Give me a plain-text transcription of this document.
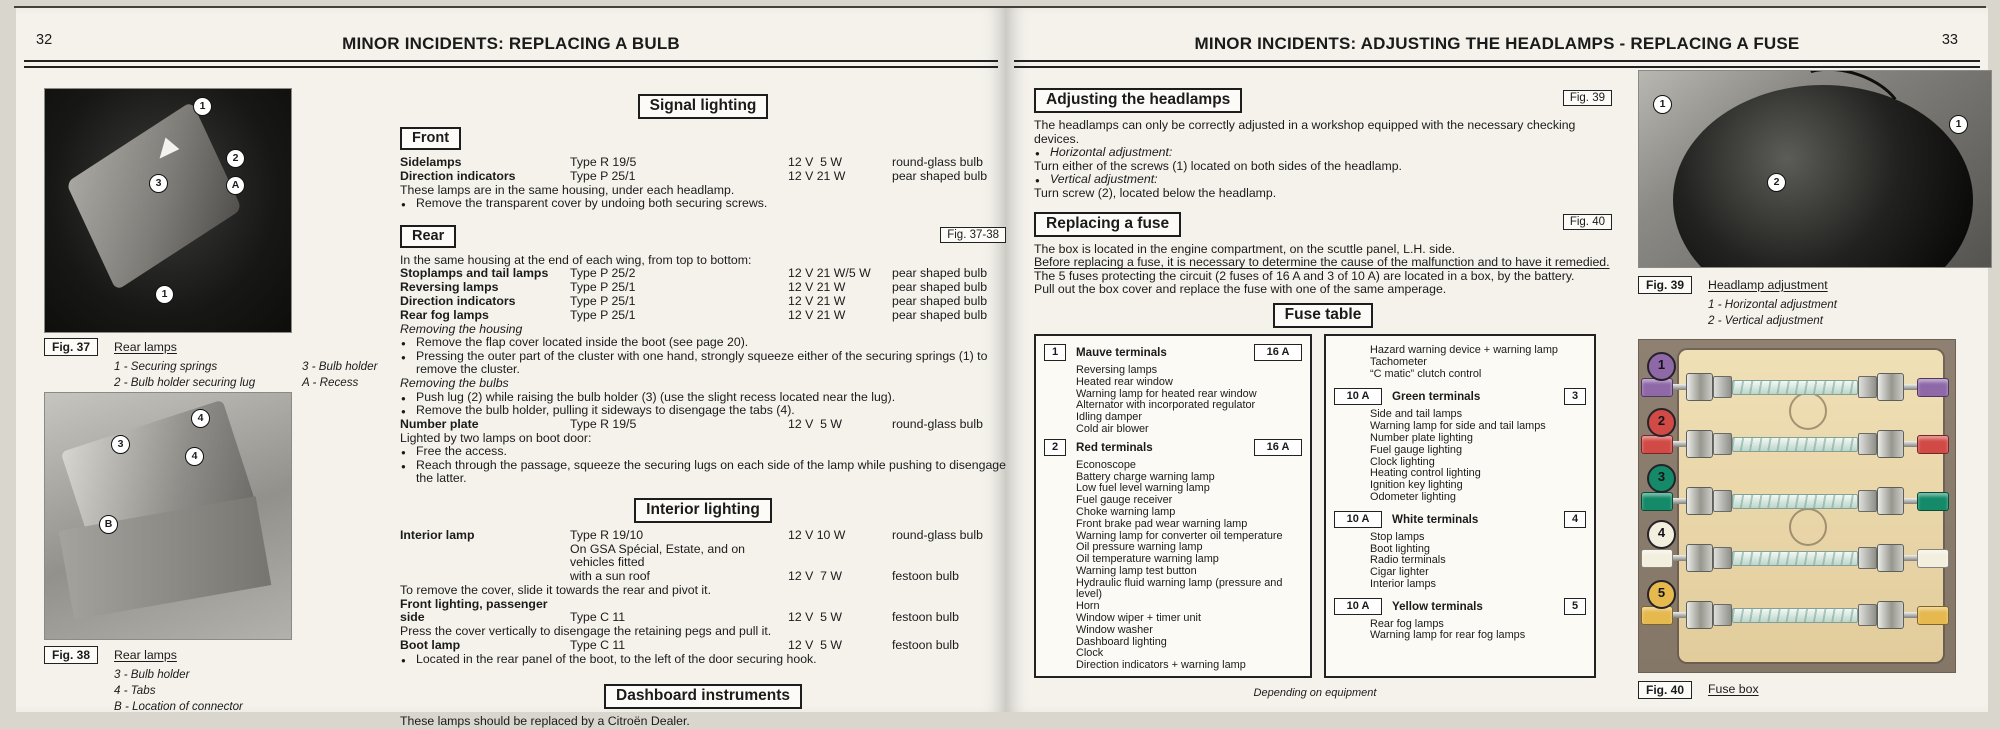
32	MINOR INCIDENTS: REPLACING A BULB
1
2
A
3
1
Fig. 37	Rear lamps
1 - Securing springs	3 - Bulb holder
2 - Bulb holder securing lug	A - Recess
4
3
4
B
Fig. 38	Rear lamps
3 - Bulb holder
4 - Tabs
B - Location of connector
Signal lighting
Front
Sidelamps	Type R 19/5	12 V  5 W	round-glass bulb
Direction indicators	Type P 25/1	12 V 21 W	pear shaped bulb
These lamps are in the same housing, under each headlamp.
● Remove the transparent cover by undoing both securing screws.
Rear	Fig. 37-38
In the same housing at the end of each wing, from top to bottom:
Stoplamps and tail lamps	Type P 25/2	12 V 21 W/5 W	pear shaped bulb
Reversing lamps	Type P 25/1	12 V 21 W	pear shaped bulb
Direction indicators	Type P 25/1	12 V 21 W	pear shaped bulb
Rear fog lamps	Type P 25/1	12 V 21 W	pear shaped bulb
Removing the housing
● Remove the flap cover located inside the boot (see page 20).
● Pressing the outer part of the cluster with one hand, strongly squeeze either of the securing springs (1) to remove the cluster.
Removing the bulbs
● Push lug (2) while raising the bulb holder (3) (use the slight recess located near the lug).
● Remove the bulb holder, pulling it sideways to disengage the tabs (4).
Number plate	Type R 19/5	12 V  5 W	round-glass bulb
Lighted by two lamps on boot door:
● Free the access.
● Reach through the passage, squeeze the securing lugs on each side of the lamp while pushing to disengage the latter.
Interior lighting
Interior lamp	Type R 19/10	12 V 10 W	round-glass bulb
On GSA Spécial, Estate, and on vehicles fitted
with a sun roof	12 V  7 W	festoon bulb
To remove the cover, slide it towards the rear and pivot it.
Front lighting, passenger
side	Type C 11	12 V  5 W	festoon bulb
Press the cover vertically to disengage the retaining pegs and pull it.
Boot lamp	Type C 11	12 V  5 W	festoon bulb
● Located in the rear panel of the boot, to the left of the door securing hook.
Dashboard instruments
These lamps should be replaced by a Citroën Dealer.
33
MINOR INCIDENTS: ADJUSTING THE HEADLAMPS - REPLACING A FUSE
Adjusting the headlamps	Fig. 39
The headlamps can only be correctly adjusted in a workshop equipped with the necessary checking devices.
● Horizontal adjustment:
Turn either of the screws (1) located on both sides of the headlamp.
● Vertical adjustment:
Turn screw (2), located below the headlamp.
Replacing a fuse	Fig. 40
The box is located in the engine compartment, on the scuttle panel, L.H. side.
Before replacing a fuse, it is necessary to determine the cause of the malfunction and to have it remedied.
The 5 fuses protecting the circuit (2 fuses of 16 A and 3 of 10 A) are located in a box, by the battery.
Pull out the box cover and replace the fuse with one of the same amperage.
Fuse table
1	Mauve terminals	16 A
Reversing lamps
Heated rear window
Warning lamp for heated rear window
Alternator with incorporated regulator
Idling damper
Cold air blower
2	Red terminals	16 A
Econoscope
Battery charge warning lamp
Low fuel level warning lamp
Fuel gauge receiver
Choke warning lamp
Front brake pad wear warning lamp
Warning lamp for converter oil temperature
Oil pressure warning lamp
Oil temperature warning lamp
Warning lamp test button
Hydraulic fluid warning lamp (pressure and level)
Horn
Window wiper + timer unit
Window washer
Dashboard lighting
Clock
Direction indicators + warning lamp
Hazard warning device + warning lamp
Tachometer
“C matic” clutch control
10 A	Green terminals	3
Side and tail lamps
Warning lamp for side and tail lamps
Number plate lighting
Fuel gauge lighting
Clock lighting
Heating control lighting
Ignition key lighting
Odometer lighting
10 A	White terminals	4
Stop lamps
Boot lighting
Radio terminals
Cigar lighter
Interior lamps
10 A	Yellow terminals	5
Rear fog lamps
Warning lamp for rear fog lamps
Depending on equipment
1
2
1
Fig. 39	Headlamp adjustment
1 - Horizontal adjustment
2 - Vertical adjustment
1
2
3
4
5
Fig. 40	Fuse box
